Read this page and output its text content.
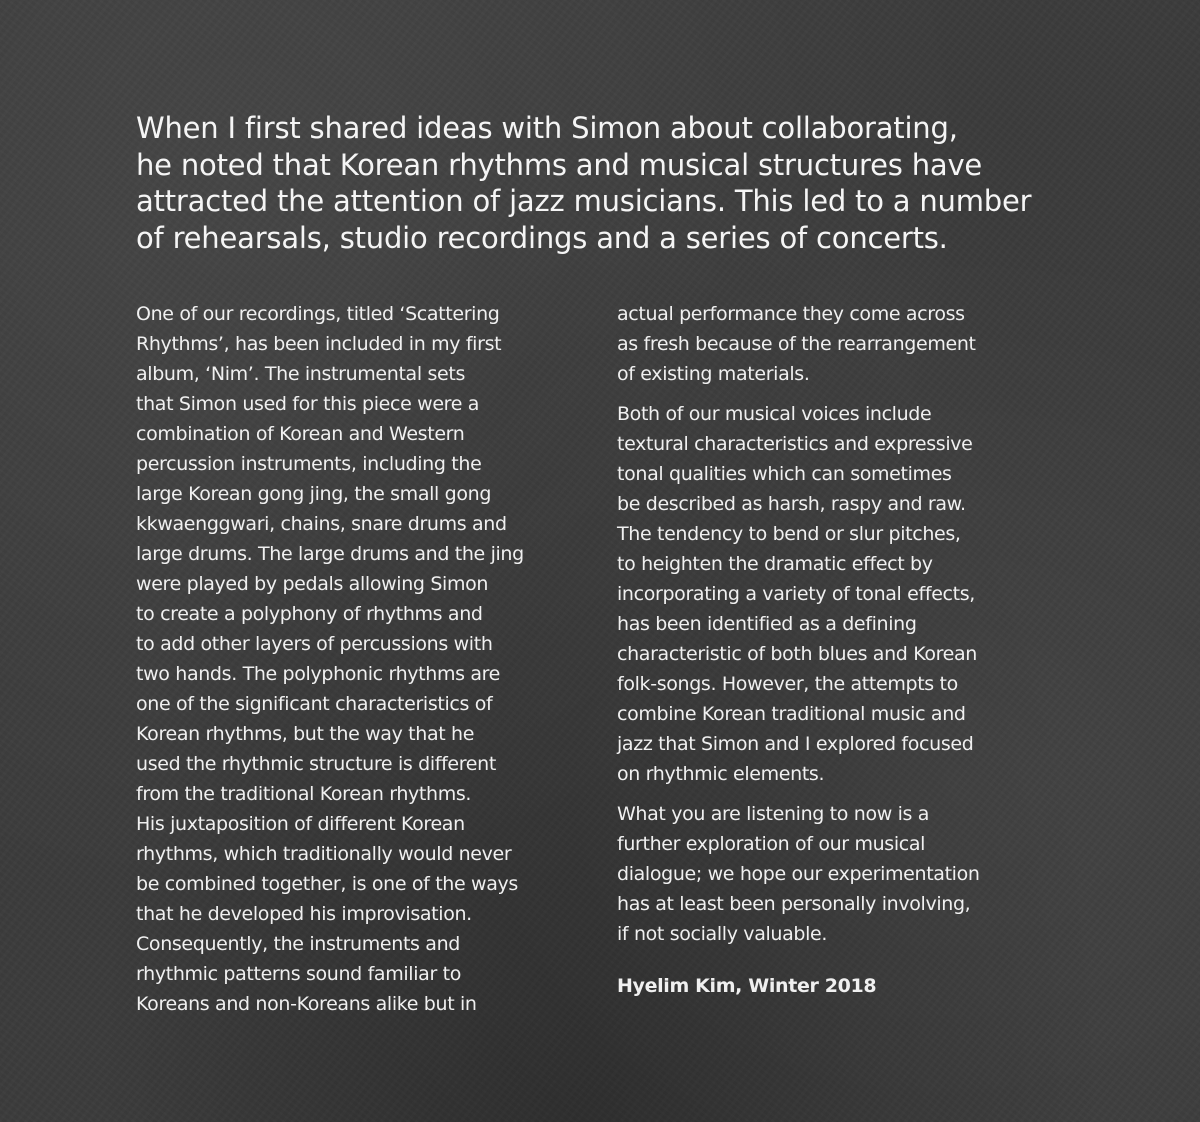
When I first shared ideas with Simon about collaborating,
he noted that Korean rhythms and musical structures have
attracted the attention of jazz musicians. This led to a number
of rehearsals, studio recordings and a series of concerts.

One of our recordings, titled ‘Scattering
Rhythms’, has been included in my first
album, ‘Nim’. The instrumental sets
that Simon used for this piece were a
combination of Korean and Western
percussion instruments, including the
large Korean gong jing, the small gong
kkwaenggwari, chains, snare drums and
large drums. The large drums and the jing
were played by pedals allowing Simon
to create a polyphony of rhythms and
to add other layers of percussions with
two hands. The polyphonic rhythms are
one of the significant characteristics of
Korean rhythms, but the way that he
used the rhythmic structure is different
from the traditional Korean rhythms.
His juxtaposition of different Korean
rhythms, which traditionally would never
be combined together, is one of the ways
that he developed his improvisation.
Consequently, the instruments and
rhythmic patterns sound familiar to
Koreans and non-Koreans alike but in

actual performance they come across
as fresh because of the rearrangement
of existing materials.

Both of our musical voices include
textural characteristics and expressive
tonal qualities which can sometimes
be described as harsh, raspy and raw.
The tendency to bend or slur pitches,
to heighten the dramatic effect by
incorporating a variety of tonal effects,
has been identified as a defining
characteristic of both blues and Korean
folk-songs. However, the attempts to
combine Korean traditional music and
jazz that Simon and I explored focused
on rhythmic elements.

What you are listening to now is a
further exploration of our musical
dialogue; we hope our experimentation
has at least been personally involving,
if not socially valuable.

Hyelim Kim, Winter 2018
